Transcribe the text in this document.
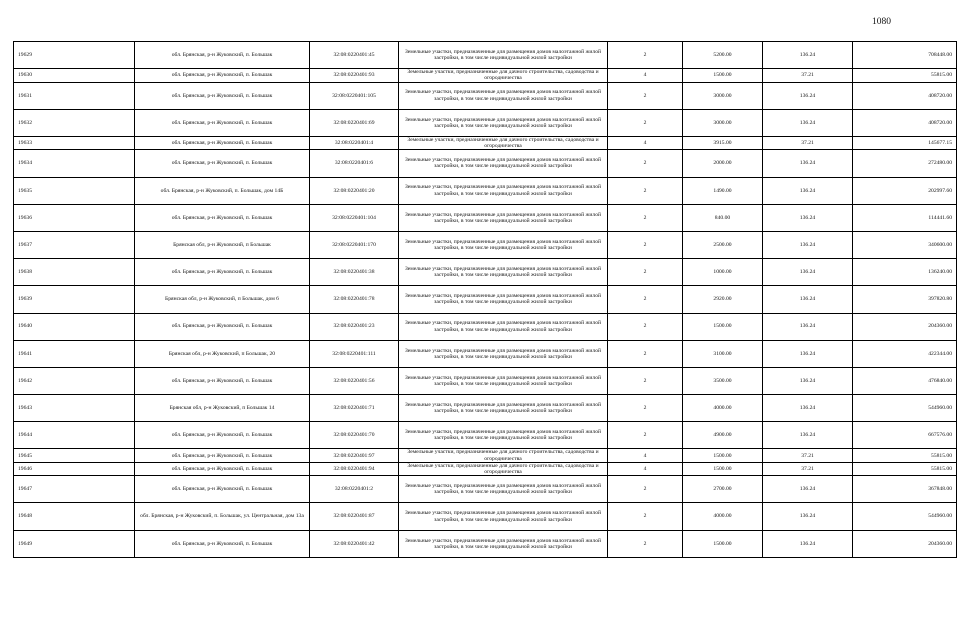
1080
19629	обл. Брянская, р-н Жуковский, п. Большак	32:08:0220401:45	Земельные участки, предназначенные для размещения домов малоэтажной жилой застройки, в том числе индивидуальной жилой застройки	2	5200.00	136.24	708448.00
19630	обл. Брянская, р-н Жуковский, п. Большак	32:08:0220401:93	Земельные участки, предназначенные для дачного строительства, садоводства и огородничества	4	1500.00	37.21	55815.00
19631	обл. Брянская, р-н Жуковский, п. Большак	32:08:0220401:105	Земельные участки, предназначенные для размещения домов малоэтажной жилой застройки, в том числе индивидуальной жилой застройки	2	3000.00	136.24	408720.00
19632	обл. Брянская, р-н Жуковский, п. Большак	32:08:0220401:69	Земельные участки, предназначенные для размещения домов малоэтажной жилой застройки, в том числе индивидуальной жилой застройки	2	3000.00	136.24	408720.00
19633	обл. Брянская, р-н Жуковский, п. Большак	32:08:0220401:4	Земельные участки, предназначенные для дачного строительства, садоводства и огородничества	4	3915.00	37.21	145677.15
19634	обл. Брянская, р-н Жуковский, п. Большак	32:08:0220401:6	Земельные участки, предназначенные для размещения домов малоэтажной жилой застройки, в том числе индивидуальной жилой застройки	2	2000.00	136.24	272480.00
19635	обл. Брянская, р-н Жуковский, п. Большак, дом 14Б	32:08:0220401:20	Земельные участки, предназначенные для размещения домов малоэтажной жилой застройки, в том числе индивидуальной жилой застройки	2	1490.00	136.24	202997.60
19636	обл. Брянская, р-н Жуковский, п. Большак	32:08:0220401:104	Земельные участки, предназначенные для размещения домов малоэтажной жилой застройки, в том числе индивидуальной жилой застройки	2	840.00	136.24	114441.60
19637	Брянская обл, р-н Жуковский, п Большак	32:08:0220401:170	Земельные участки, предназначенные для размещения домов малоэтажной жилой застройки, в том числе индивидуальной жилой застройки	2	2500.00	136.24	340600.00
19638	обл. Брянская, р-н Жуковский, п. Большак	32:08:0220401:38	Земельные участки, предназначенные для размещения домов малоэтажной жилой застройки, в том числе индивидуальной жилой застройки	2	1000.00	136.24	136240.00
19639	Брянская обл, р-н Жуковский, п Большак, дом 6	32:08:0220401:78	Земельные участки, предназначенные для размещения домов малоэтажной жилой застройки, в том числе индивидуальной жилой застройки	2	2920.00	136.24	397820.80
19640	обл. Брянская, р-н Жуковский, п. Большак	32:08:0220401:23	Земельные участки, предназначенные для размещения домов малоэтажной жилой застройки, в том числе индивидуальной жилой застройки	2	1500.00	136.24	204360.00
19641	Брянская обл, р-н Жуковский, п Большак, 20	32:08:0220401:111	Земельные участки, предназначенные для размещения домов малоэтажной жилой застройки, в том числе индивидуальной жилой застройки	2	3100.00	136.24	422344.00
19642	обл. Брянская, р-н Жуковский, п. Большак	32:08:0220401:56	Земельные участки, предназначенные для размещения домов малоэтажной жилой застройки, в том числе индивидуальной жилой застройки	2	3500.00	136.24	476840.00
19643	Брянская обл, р-н Жуковский, п Большак 14	32:08:0220401:71	Земельные участки, предназначенные для размещения домов малоэтажной жилой застройки, в том числе индивидуальной жилой застройки	2	4000.00	136.24	544960.00
19644	обл. Брянская, р-н Жуковский, п. Большак	32:08:0220401:70	Земельные участки, предназначенные для размещения домов малоэтажной жилой застройки, в том числе индивидуальной жилой застройки	2	4900.00	136.24	667576.00
19645	обл. Брянская, р-н Жуковский, п. Большак	32:08:0220401:97	Земельные участки, предназначенные для дачного строительства, садоводства и огородничества	4	1500.00	37.21	55815.00
19646	обл. Брянская, р-н Жуковский, п. Большак	32:08:0220401:94	Земельные участки, предназначенные для дачного строительства, садоводства и огородничества	4	1500.00	37.21	55815.00
19647	обл. Брянская, р-н Жуковский, п. Большак	32:08:0220401:2	Земельные участки, предназначенные для размещения домов малоэтажной жилой застройки, в том числе индивидуальной жилой застройки	2	2700.00	136.24	367848.00
19648	обл. Брянская, р-н Жуковский, п. Большак, ул. Центральная, дом 13а	32:08:0220401:87	Земельные участки, предназначенные для размещения домов малоэтажной жилой застройки, в том числе индивидуальной жилой застройки	2	4000.00	136.24	544960.00
19649	обл. Брянская, р-н Жуковский, п. Большак	32:08:0220401:42	Земельные участки, предназначенные для размещения домов малоэтажной жилой застройки, в том числе индивидуальной жилой застройки	2	1500.00	136.24	204360.00
